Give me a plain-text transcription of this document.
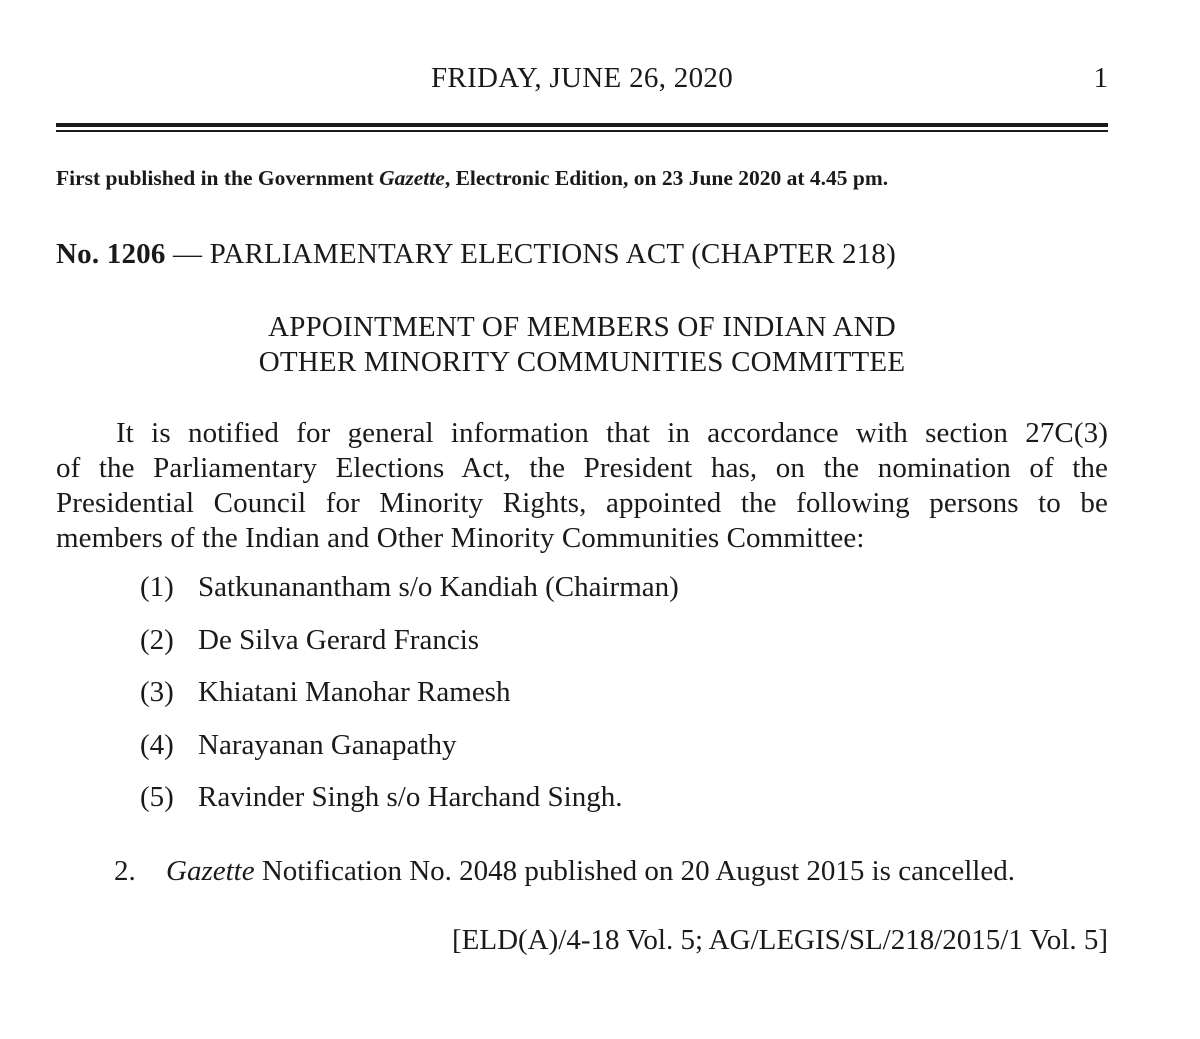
FRIDAY, JUNE 26, 2020	1
First published in the Government Gazette, Electronic Edition, on 23 June 2020 at 4.45 pm.
No. 1206 — PARLIAMENTARY ELECTIONS ACT (CHAPTER 218)
APPOINTMENT OF MEMBERS OF INDIAN AND
OTHER MINORITY COMMUNITIES COMMITTEE
It is notified for general information that in accordance with section 27C(3)
of the Parliamentary Elections Act, the President has, on the nomination of the
Presidential Council for Minority Rights, appointed the following persons to be
members of the Indian and Other Minority Communities Committee:
(1) Satkunanantham s/o Kandiah (Chairman)
(2) De Silva Gerard Francis
(3) Khiatani Manohar Ramesh
(4) Narayanan Ganapathy
(5) Ravinder Singh s/o Harchand Singh.
2. Gazette Notification No. 2048 published on 20 August 2015 is cancelled.
[ELD(A)/4-18 Vol. 5; AG/LEGIS/SL/218/2015/1 Vol. 5]
